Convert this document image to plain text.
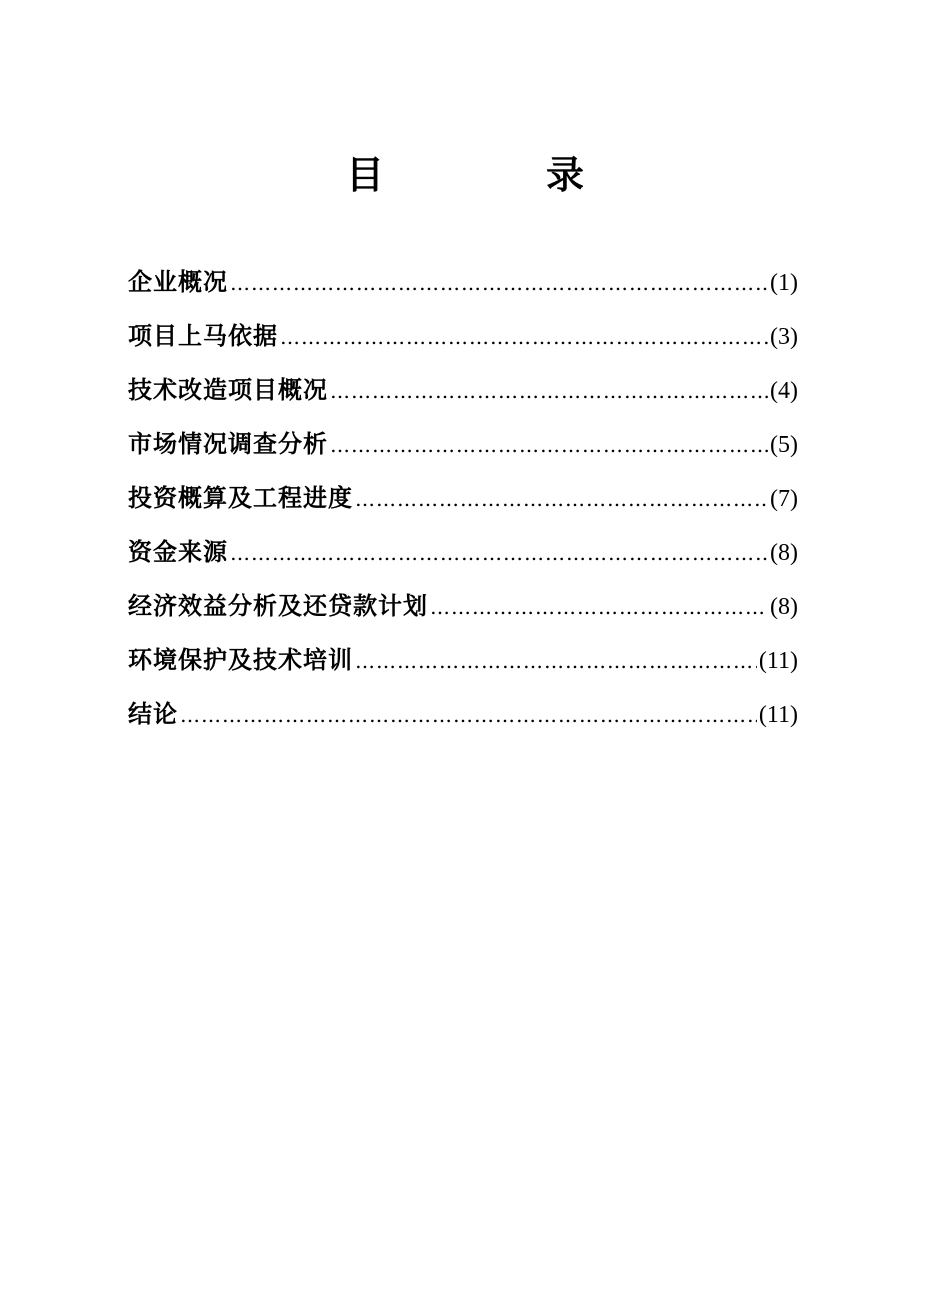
目　录
企业概况 …………………………………………………………………………………………………………………………	(1)
项目上马依据 …………………………………………………………………………………………………………………………	(3)
技术改造项目概况 …………………………………………………………………………………………………………………………	(4)
市场情况调查分析 …………………………………………………………………………………………………………………………	(5)
投资概算及工程进度 …………………………………………………………………………………………………………………………	(7)
资金来源 …………………………………………………………………………………………………………………………	(8)
经济效益分析及还贷款计划 …………………………………………………………………………………………………………………………	(8)
环境保护及技术培训 …………………………………………………………………………………………………………………………	(11)
结论 …………………………………………………………………………………………………………………………	(11)
